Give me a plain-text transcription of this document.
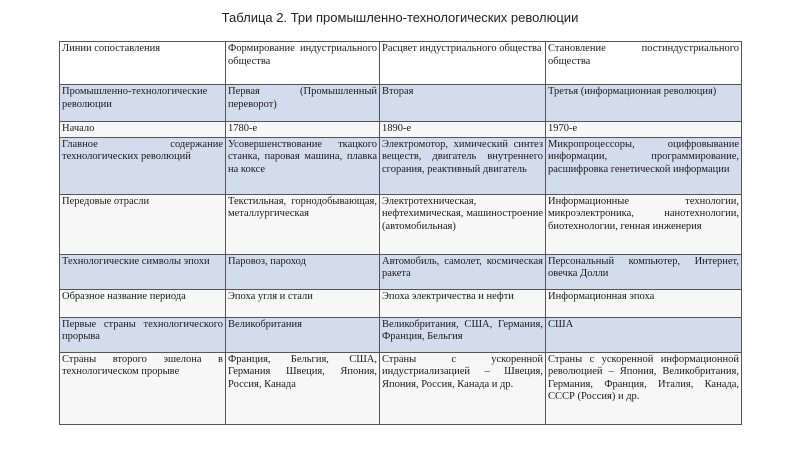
Таблица 2. Три промышленно-технологических революции
Линии сопоставления	Формирование индустриального общества	Расцвет индустриального общества	Становление постиндустриального общества
Промышленно-технологические революции	Первая (Промышленный переворот)	Вторая	Третья (информационная революция)
Начало	1780-е	1890-е	1970-е
Главное содержание технологических революций	Усовершенствование ткацкого станка, паровая машина, плавка на коксе	Электромотор, химический синтез веществ, двигатель внутреннего сгорания, реактивный двигатель	Микропроцессоры, оцифровывание информации, программирование, расшифровка генетической информации
Передовые отрасли	Текстильная, горнодобывающая, металлургическая	Электротехническая, нефтехимическая, машиностроение (автомобильная)	Информационные технологии, микроэлектроника, нанотехнологии, биотехнологии, генная инженерия
Технологические символы эпохи	Паровоз, пароход	Автомобиль, самолет, космическая ракета	Персональный компьютер, Интернет, овечка Долли
Образное название периода	Эпоха угля и стали	Эпоха электричества и нефти	Информационная эпоха
Первые страны технологического прорыва	Великобритания	Великобритания, США, Германия, Франция, Бельгия	США
Страны второго эшелона в технологическом прорыве	Франция, Бельгия, США, Германия Швеция, Япония, Россия, Канада	Страны с ускоренной индустриализацией – Швеция, Япония, Россия, Канада и др.	Страны с ускоренной информационной революцией – Япония, Великобритания, Германия, Франция, Италия, Канада, СССР (Россия) и др.
